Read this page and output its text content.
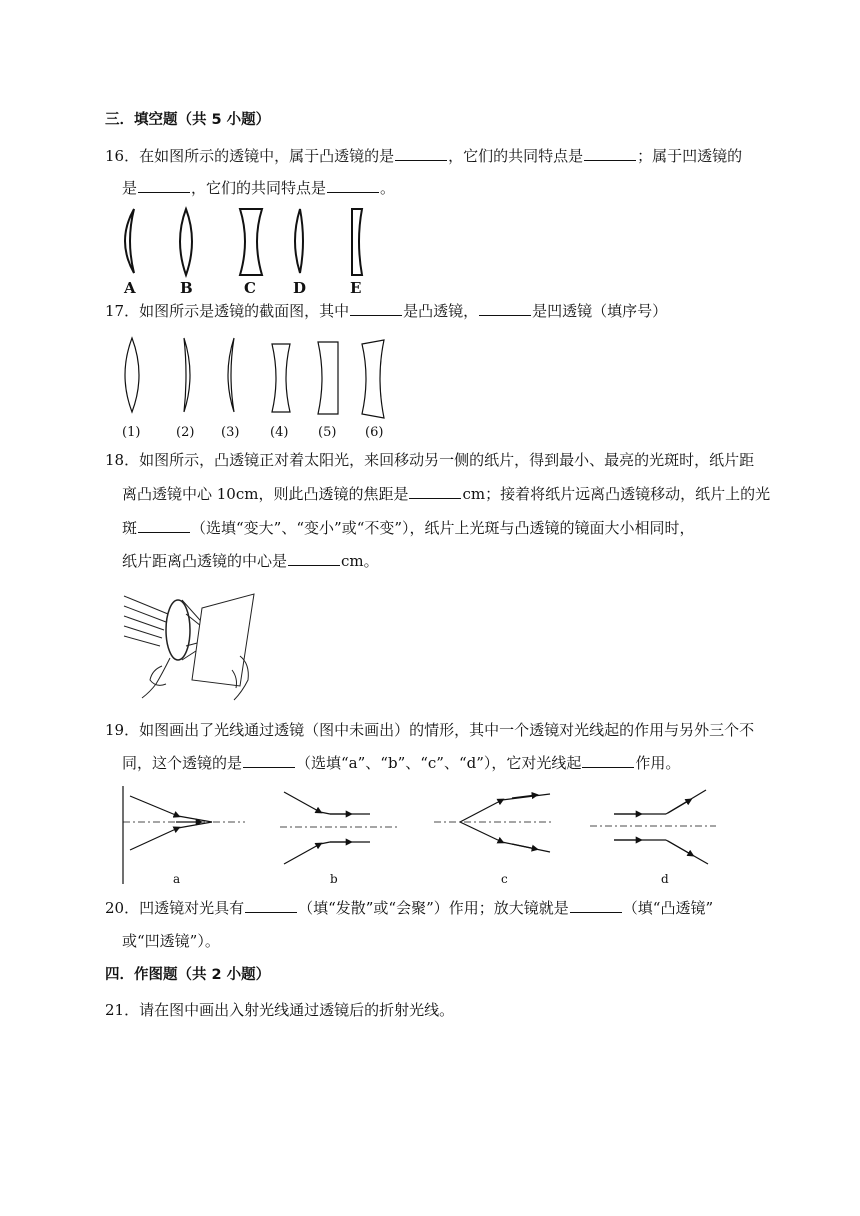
三．填空题（共 5 小题）
16．在如图所示的透镜中，属于凸透镜的是	，它们的共同特点是	；属于凹透镜的
是	，它们的共同特点是	。
A	B	C D	E
17．如图所示是透镜的截面图，其中	是凸透镜，	是凹透镜（填序号）
(1)	(2) (3) (4) (5) (6)
18．如图所示，凸透镜正对着太阳光，来回移动另一侧的纸片，得到最小、最亮的光斑时，纸片距
离凸透镜中心 10cm，则此凸透镜的焦距是	cm；接着将纸片远离凸透镜移动，纸片上的光
斑	（选填“变大”、“变小”或“不变”），纸片上光斑与凸透镜的镜面大小相同时，
纸片距离凸透镜的中心是	cm。
19．如图画出了光线通过透镜（图中未画出）的情形，其中一个透镜对光线起的作用与另外三个不
同，这个透镜的是	（选填“a”、“b”、“c”、“d”），它对光线起	作用。
a	b	c	d
20．凹透镜对光具有	（填“发散”或“会聚”）作用；放大镜就是	（填“凸透镜”
或“凹透镜”）。
四．作图题（共 2 小题）
21．请在图中画出入射光线通过透镜后的折射光线。
